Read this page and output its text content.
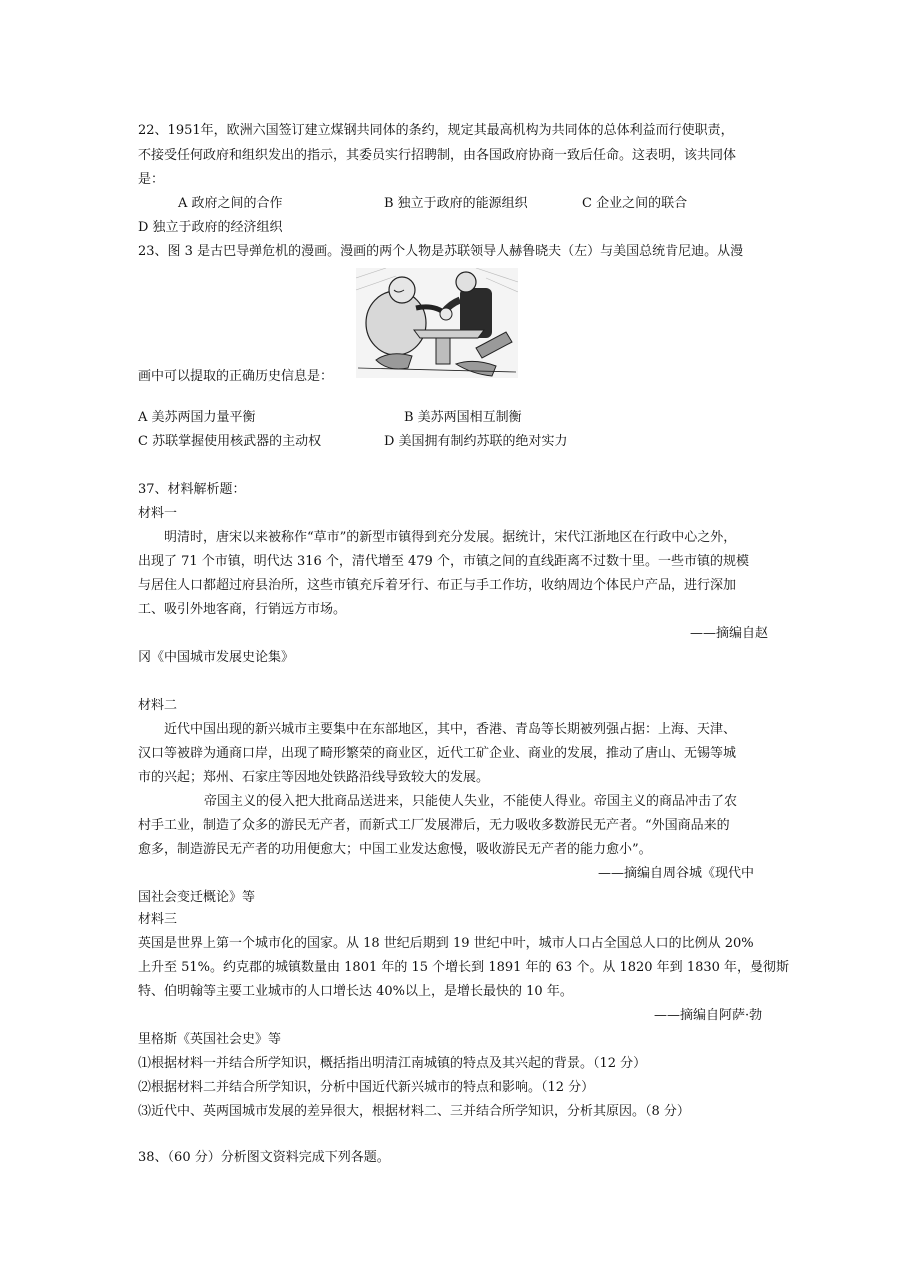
22、1951年，欧洲六国签订建立煤钢共同体的条约，规定其最高机构为共同体的总体利益而行使职责，
不接受任何政府和组织发出的指示，其委员实行招聘制，由各国政府协商一致后任命。这表明，该共同体
是：
A 政府之间的合作	B 独立于政府的能源组织	C 企业之间的联合
D 独立于政府的经济组织
23、图 3 是古巴导弹危机的漫画。漫画的两个人物是苏联领导人赫鲁晓夫（左）与美国总统肯尼迪。从漫
画中可以提取的正确历史信息是：
A 美苏两国力量平衡	B 美苏两国相互制衡
C 苏联掌握使用核武器的主动权	D 美国拥有制约苏联的绝对实力
37、材料解析题：
材料一
明清时，唐宋以来被称作“草市”的新型市镇得到充分发展。据统计，宋代江浙地区在行政中心之外，
出现了 71 个市镇，明代达 316 个，清代增至 479 个，市镇之间的直线距离不过数十里。一些市镇的规模
与居住人口都超过府县治所，这些市镇充斥着牙行、布正与手工作坊，收纳周边个体民户产品，进行深加
工、吸引外地客商，行销远方市场。
——摘编自赵
冈《中国城市发展史论集》
材料二
近代中国出现的新兴城市主要集中在东部地区，其中，香港、青岛等长期被列强占据：上海、天津、
汉口等被辟为通商口岸，出现了畸形繁荣的商业区，近代工矿企业、商业的发展，推动了唐山、无锡等城
市的兴起；郑州、石家庄等因地处铁路沿线导致较大的发展。
帝国主义的侵入把大批商品送进来，只能使人失业，不能使人得业。帝国主义的商品冲击了农
村手工业，制造了众多的游民无产者，而新式工厂发展滞后，无力吸收多数游民无产者。“外国商品来的
愈多，制造游民无产者的功用便愈大；中国工业发达愈慢，吸收游民无产者的能力愈小”。
——摘编自周谷城《现代中
国社会变迁概论》等
材料三
英国是世界上第一个城市化的国家。从 18 世纪后期到 19 世纪中叶，城市人口占全国总人口的比例从 20%
上升至 51%。约克郡的城镇数量由 1801 年的 15 个增长到 1891 年的 63 个。从 1820 年到 1830 年，曼彻斯
特、伯明翰等主要工业城市的人口增长达 40%以上，是增长最快的 10 年。
——摘编自阿萨·勃
里格斯《英国社会史》等
⑴根据材料一并结合所学知识，概括指出明清江南城镇的特点及其兴起的背景。（12 分）
⑵根据材料二并结合所学知识，分析中国近代新兴城市的特点和影响。（12 分）
⑶近代中、英两国城市发展的差异很大，根据材料二、三并结合所学知识，分析其原因。（8 分）
38、（60 分）分析图文资料完成下列各题。
